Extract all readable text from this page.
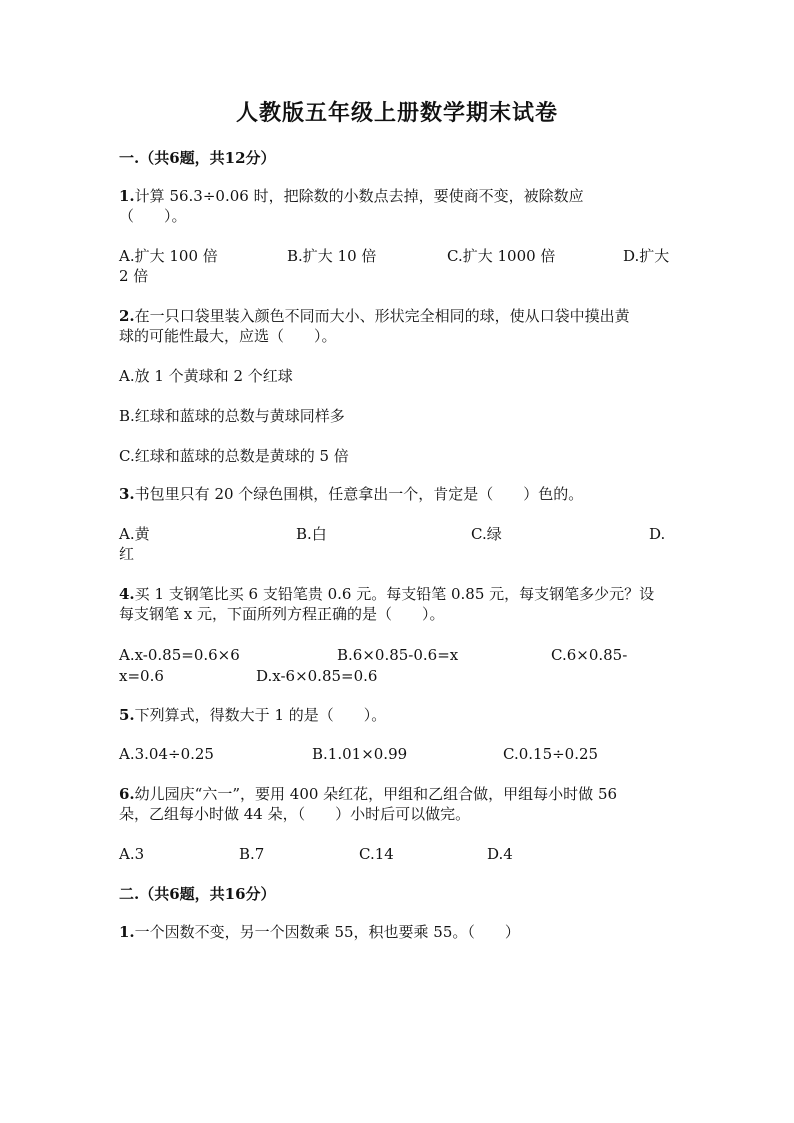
人教版五年级上册数学期末试卷
一.（共6题，共12分）
1.计算 56.3÷0.06 时，把除数的小数点去掉，要使商不变，被除数应
（　　）。
A.扩大 100 倍	B.扩大 10 倍	C.扩大 1000 倍	D.扩大
2 倍
2.在一只口袋里装入颜色不同而大小、形状完全相同的球，使从口袋中摸出黄
球的可能性最大，应选（　　）。
A.放 1 个黄球和 2 个红球
B.红球和蓝球的总数与黄球同样多
C.红球和蓝球的总数是黄球的 5 倍
3.书包里只有 20 个绿色围棋，任意拿出一个，肯定是（　　）色的。
A.黄	B.白	C.绿	D.
红
4.买 1 支钢笔比买 6 支铅笔贵 0.6 元。每支铅笔 0.85 元，每支钢笔多少元？设
每支钢笔 x 元，下面所列方程正确的是（　　）。
A.x-0.85=0.6×6	B.6×0.85-0.6=x	C.6×0.85-
x=0.6	D.x-6×0.85=0.6
5.下列算式，得数大于 1 的是（　　）。
A.3.04÷0.25	B.1.01×0.99	C.0.15÷0.25
6.幼儿园庆“六一”，要用 400 朵红花，甲组和乙组合做，甲组每小时做 56
朵，乙组每小时做 44 朵，（　　）小时后可以做完。
A.3	B.7	C.14	D.4
二.（共6题，共16分）
1.一个因数不变，另一个因数乘 55，积也要乘 55。（　　）
